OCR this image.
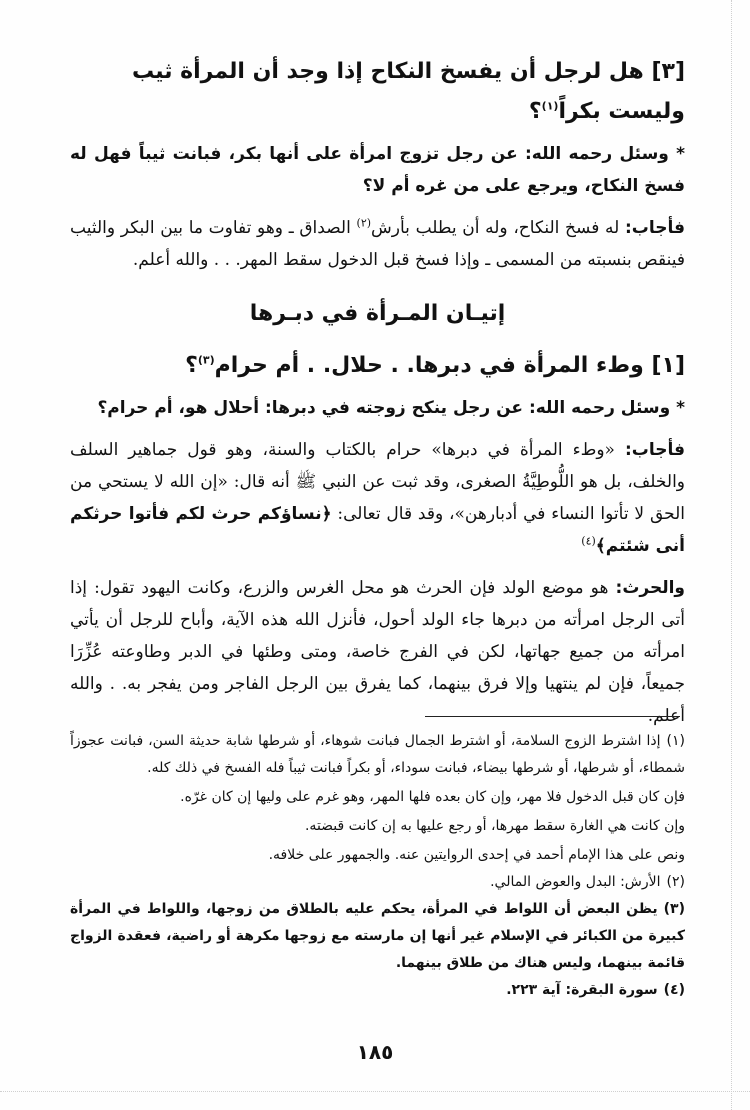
[٣] هل لرجل أن يفسخ النكاح إذا وجد أن المرأة ثيب وليست بكراً$^{(١)}$؟

* وسئل رحمه الله: عن رجل تزوج امرأة على أنها بكر، فبانت ثيباً فهل له فسخ النكاح، ويرجع على من غره أم لا؟

فأجاب: له فسخ النكاح، وله أن يطلب بأرش$^{(٢)}$ الصداق ـ وهو تفاوت ما بين البكر والثيب فينقص بنسبته من المسمى ـ وإذا فسخ قبل الدخول سقط المهر. . . والله أعلم.

إتيـان المـرأة في دبـرها
[١] وطء المرأة في دبرها. . حلال. . أم حرام$^{(٣)}$؟

* وسئل رحمه الله: عن رجل ينكح زوجته في دبرها: أحلال هو، أم حرام؟

فأجاب: «وطء المرأة في دبرها» حرام بالكتاب والسنة، وهو قول جماهير السلف والخلف، بل هو اللُّوطِيَّةُ الصغرى، وقد ثبت عن النبي ﷺ أنه قال: «إن الله لا يستحي من الحق لا تأتوا النساء في أدبارهن»، وقد قال تعالى: ﴿نساؤكم حرث لكم فأتوا حرثكم أنى شئتم﴾$^{(٤)}$

والحرث: هو موضع الولد فإن الحرث هو محل الغرس والزرع، وكانت اليهود تقول: إذا أتى الرجل امرأته من دبرها جاء الولد أحول، فأنزل الله هذه الآية، وأباح للرجل أن يأتي امرأته من جميع جهاتها، لكن في الفرج خاصة، ومتى وطئها في الدبر وطاوعته عُزِّرَا جميعاً، فإن لم ينتهيا وإلا فرق بينهما، كما يفرق بين الرجل الفاجر ومن يفجر به. . والله أعلم.

(١)إذا اشترط الزوج السلامة، أو اشترط الجمال فبانت شوهاء، أو شرطها شابة حديثة السن، فبانت عجوزاً شمطاء، أو شرطها، أو شرطها بيضاء، فبانت سوداء، أو بكراً فبانت ثيباً فله الفسخ في ذلك كله.

فإن كان قبل الدخول فلا مهر، وإن كان بعده فلها المهر، وهو غرم على وليها إن كان غرّه.

وإن كانت هي الغارة سقط مهرها، أو رجع عليها به إن كانت قبضته.

ونص على هذا الإمام أحمد في إحدى الروايتين عنه. والجمهور على خلافه.

(٢)الأرش: البدل والعوض المالي.

(٣)يظن البعض أن اللواط في المرأة، يحكم عليه بالطلاق من زوجها، واللواط في المرأة كبيرة من الكبائر في الإسلام غير أنها إن مارسته مع زوجها مكرهة أو راضية، فعقدة الزواج قائمة بينهما، وليس هناك من طلاق بينهما.

(٤)سورة البقرة: آية ٢٢٣.

١٨٥
